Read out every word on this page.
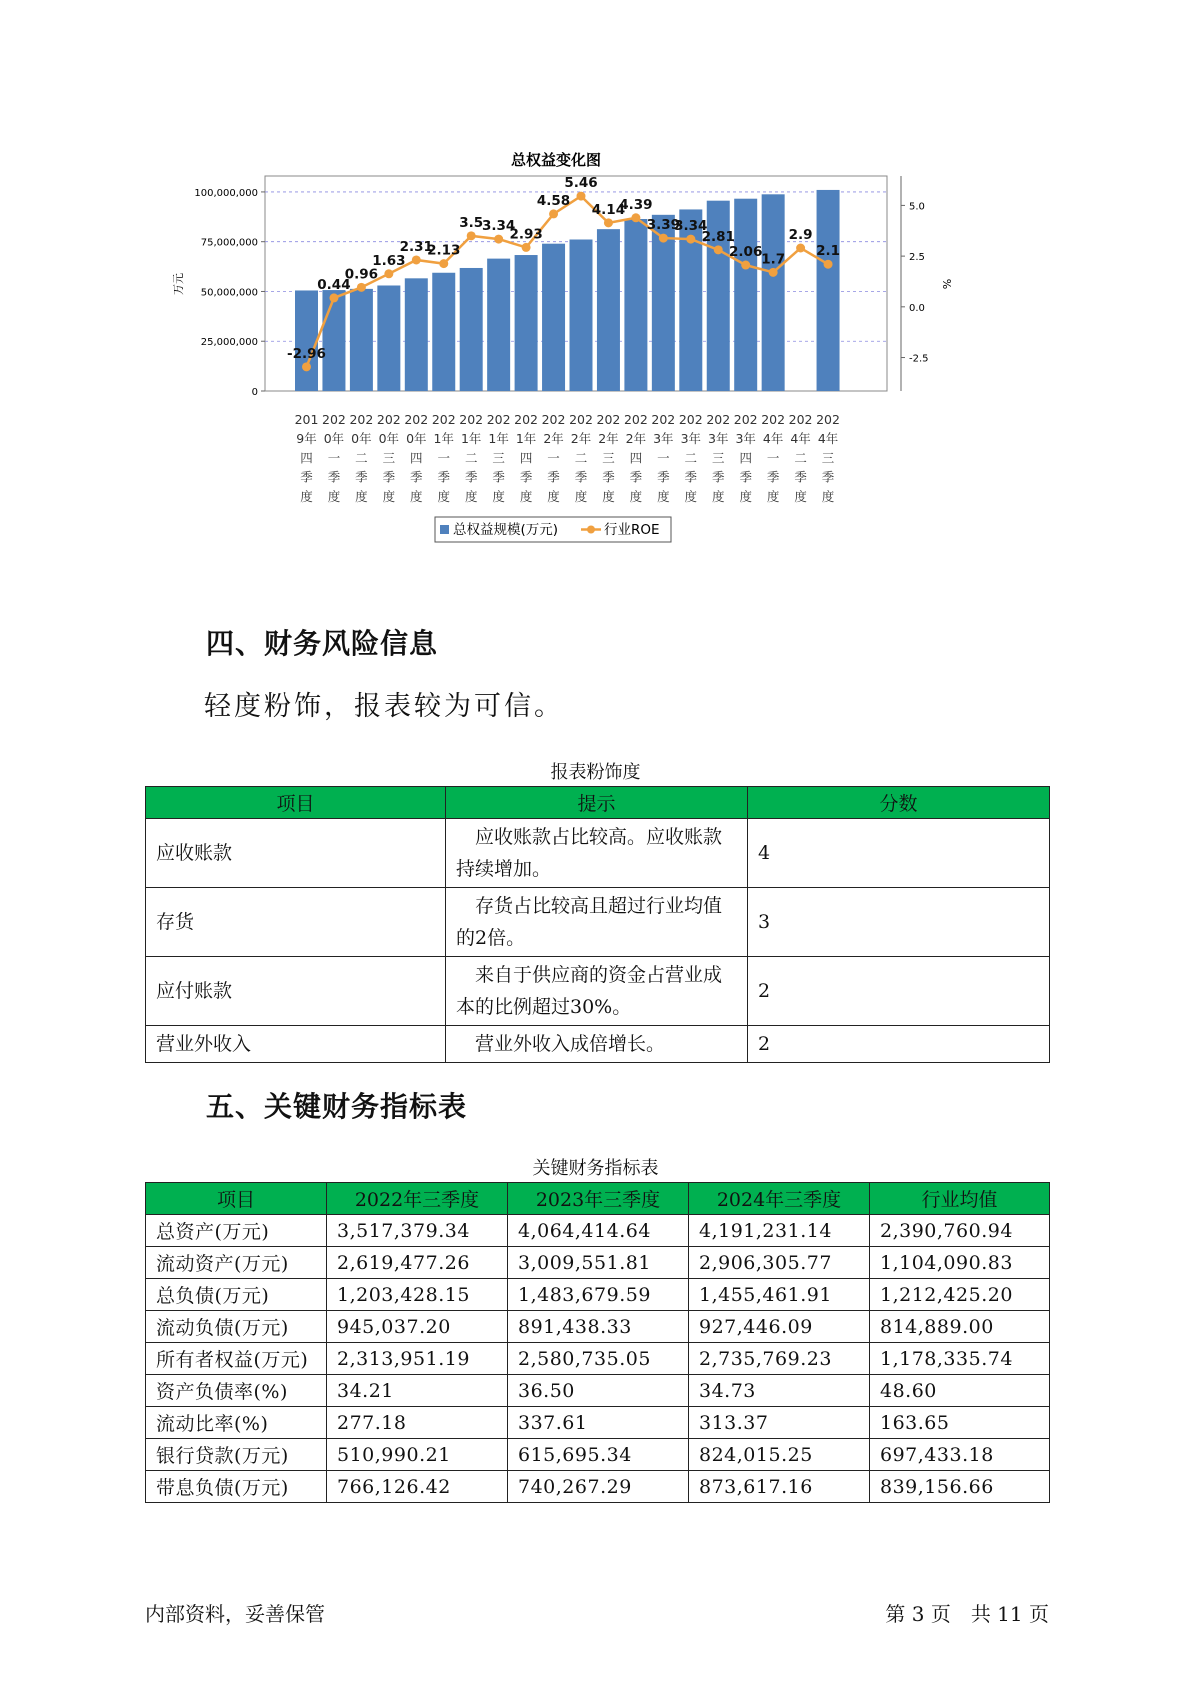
总权益变化图
0
25,000,000
50,000,000
75,000,000
100,000,000
-2.5
0.0
2.5
5.0
万元	%
-2.96
0.44
0.96
1.63
2.31
2.13
3.5
3.34
2.93
4.58
5.46
4.14
4.39
3.39
3.34
2.81
2.06
1.7
2.9
2.1
201 9年四季度
202 0年一季度
202 0年二季度
202 0年三季度
202 0年四季度
202 1年一季度
202 1年二季度
202 1年三季度
202 1年四季度
202 2年一季度
202 2年二季度
202 2年三季度
202 2年四季度
202 3年一季度
202 3年二季度
202 3年三季度
202 3年四季度
202 4年一季度
202 4年二季度
202 4年三季度
总权益规模(万元)	行业ROE
四、财务风险信息
轻度粉饰，报表较为可信。
报表粉饰度
项目	提示	分数
应收账款	　应收账款占比较高。应收账款持续增加。	4
存货	　存货占比较高且超过行业均值的2倍。	3
应付账款	　来自于供应商的资金占营业成本的比例超过30%。	2
营业外收入	　营业外收入成倍增长。	2
五、关键财务指标表
关键财务指标表
项目	2022年三季度	2023年三季度	2024年三季度	行业均值
总资产(万元)	3,517,379.34	4,064,414.64	4,191,231.14	2,390,760.94
流动资产(万元)	2,619,477.26	3,009,551.81	2,906,305.77	1,104,090.83
总负债(万元)	1,203,428.15	1,483,679.59	1,455,461.91	1,212,425.20
流动负债(万元)	945,037.20	891,438.33	927,446.09	814,889.00
所有者权益(万元)	2,313,951.19	2,580,735.05	2,735,769.23	1,178,335.74
资产负债率(%)	34.21	36.50	34.73	48.60
流动比率(%)	277.18	337.61	313.37	163.65
银行贷款(万元)	510,990.21	615,695.34	824,015.25	697,433.18
带息负债(万元)	766,126.42	740,267.29	873,617.16	839,156.66
内部资料，妥善保管	第 3 页　共 11 页
